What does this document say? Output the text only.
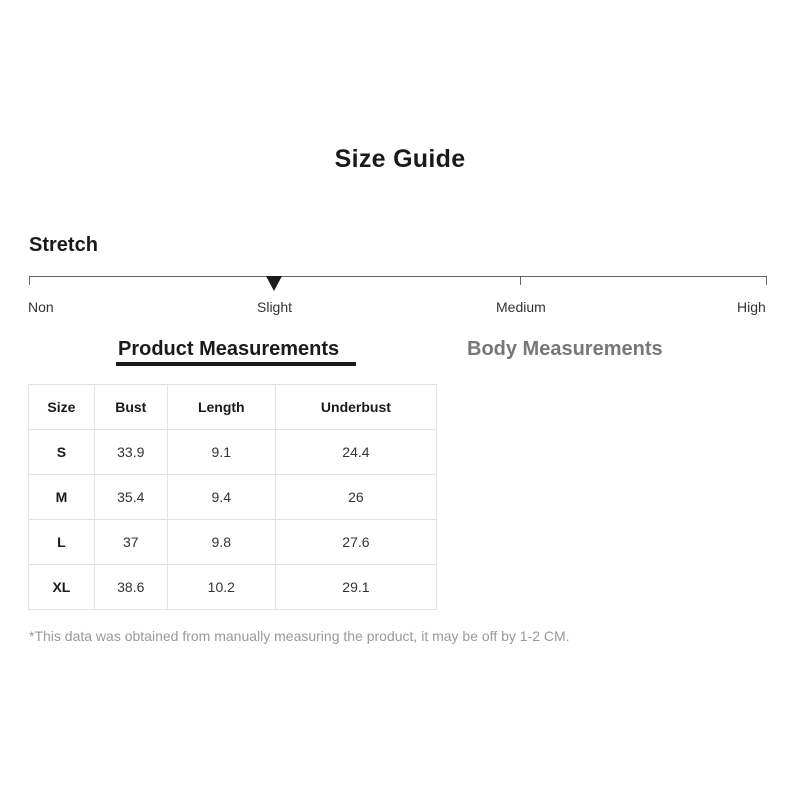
Size Guide
Stretch
Non	Slight	Medium	High
Product Measurements	Body Measurements
Size	Bust	Length	Underbust
S	33.9	9.1	24.4
M	35.4	9.4	26
L	37	9.8	27.6
XL	38.6	10.2	29.1
*This data was obtained from manually measuring the product, it may be off by 1-2 CM.
